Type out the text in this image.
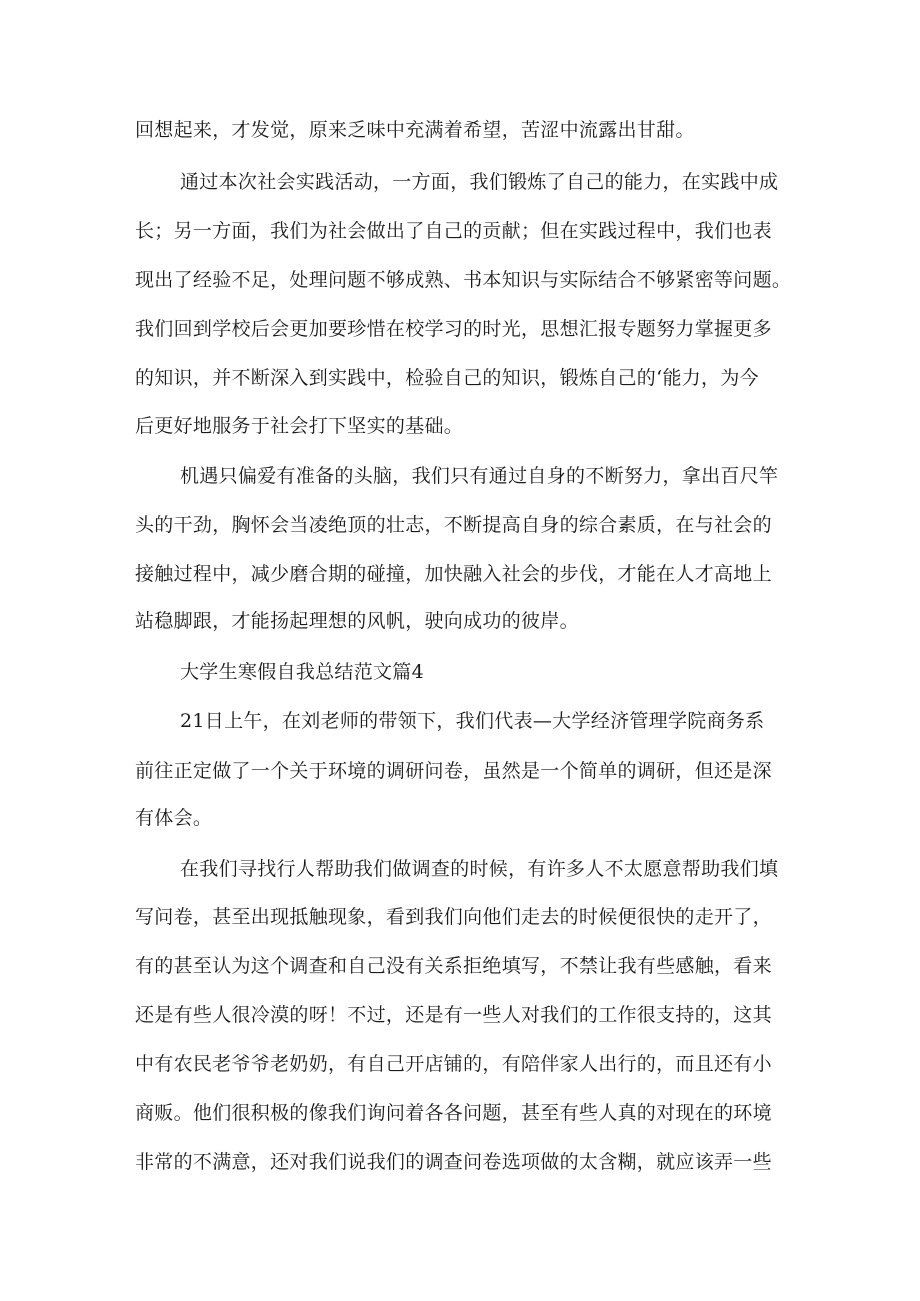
回想起来，才发觉，原来乏味中充满着希望，苦涩中流露出甘甜。
通过本次社会实践活动，一方面，我们锻炼了自己的能力，在实践中成
长；另一方面，我们为社会做出了自己的贡献；但在实践过程中，我们也表
现出了经验不足，处理问题不够成熟、书本知识与实际结合不够紧密等问题。
我们回到学校后会更加要珍惜在校学习的时光，思想汇报专题努力掌握更多
的知识，并不断深入到实践中，检验自己的知识，锻炼自己的‘能力，为今
后更好地服务于社会打下坚实的基础。
机遇只偏爱有准备的头脑，我们只有通过自身的不断努力，拿出百尺竿
头的干劲，胸怀会当凌绝顶的壮志，不断提高自身的综合素质，在与社会的
接触过程中，减少磨合期的碰撞，加快融入社会的步伐，才能在人才高地上
站稳脚跟，才能扬起理想的风帆，驶向成功的彼岸。
大学生寒假自我总结范文篇4
21日上午，在刘老师的带领下，我们代表—大学经济管理学院商务系
前往正定做了一个关于环境的调研问卷，虽然是一个简单的调研，但还是深
有体会。
在我们寻找行人帮助我们做调查的时候，有许多人不太愿意帮助我们填
写问卷，甚至出现抵触现象，看到我们向他们走去的时候便很快的走开了，
有的甚至认为这个调查和自己没有关系拒绝填写，不禁让我有些感触，看来
还是有些人很冷漠的呀！不过，还是有一些人对我们的工作很支持的，这其
中有农民老爷爷老奶奶，有自己开店铺的，有陪伴家人出行的，而且还有小
商贩。他们很积极的像我们询问着各各问题，甚至有些人真的对现在的环境
非常的不满意，还对我们说我们的调查问卷选项做的太含糊，就应该弄一些
